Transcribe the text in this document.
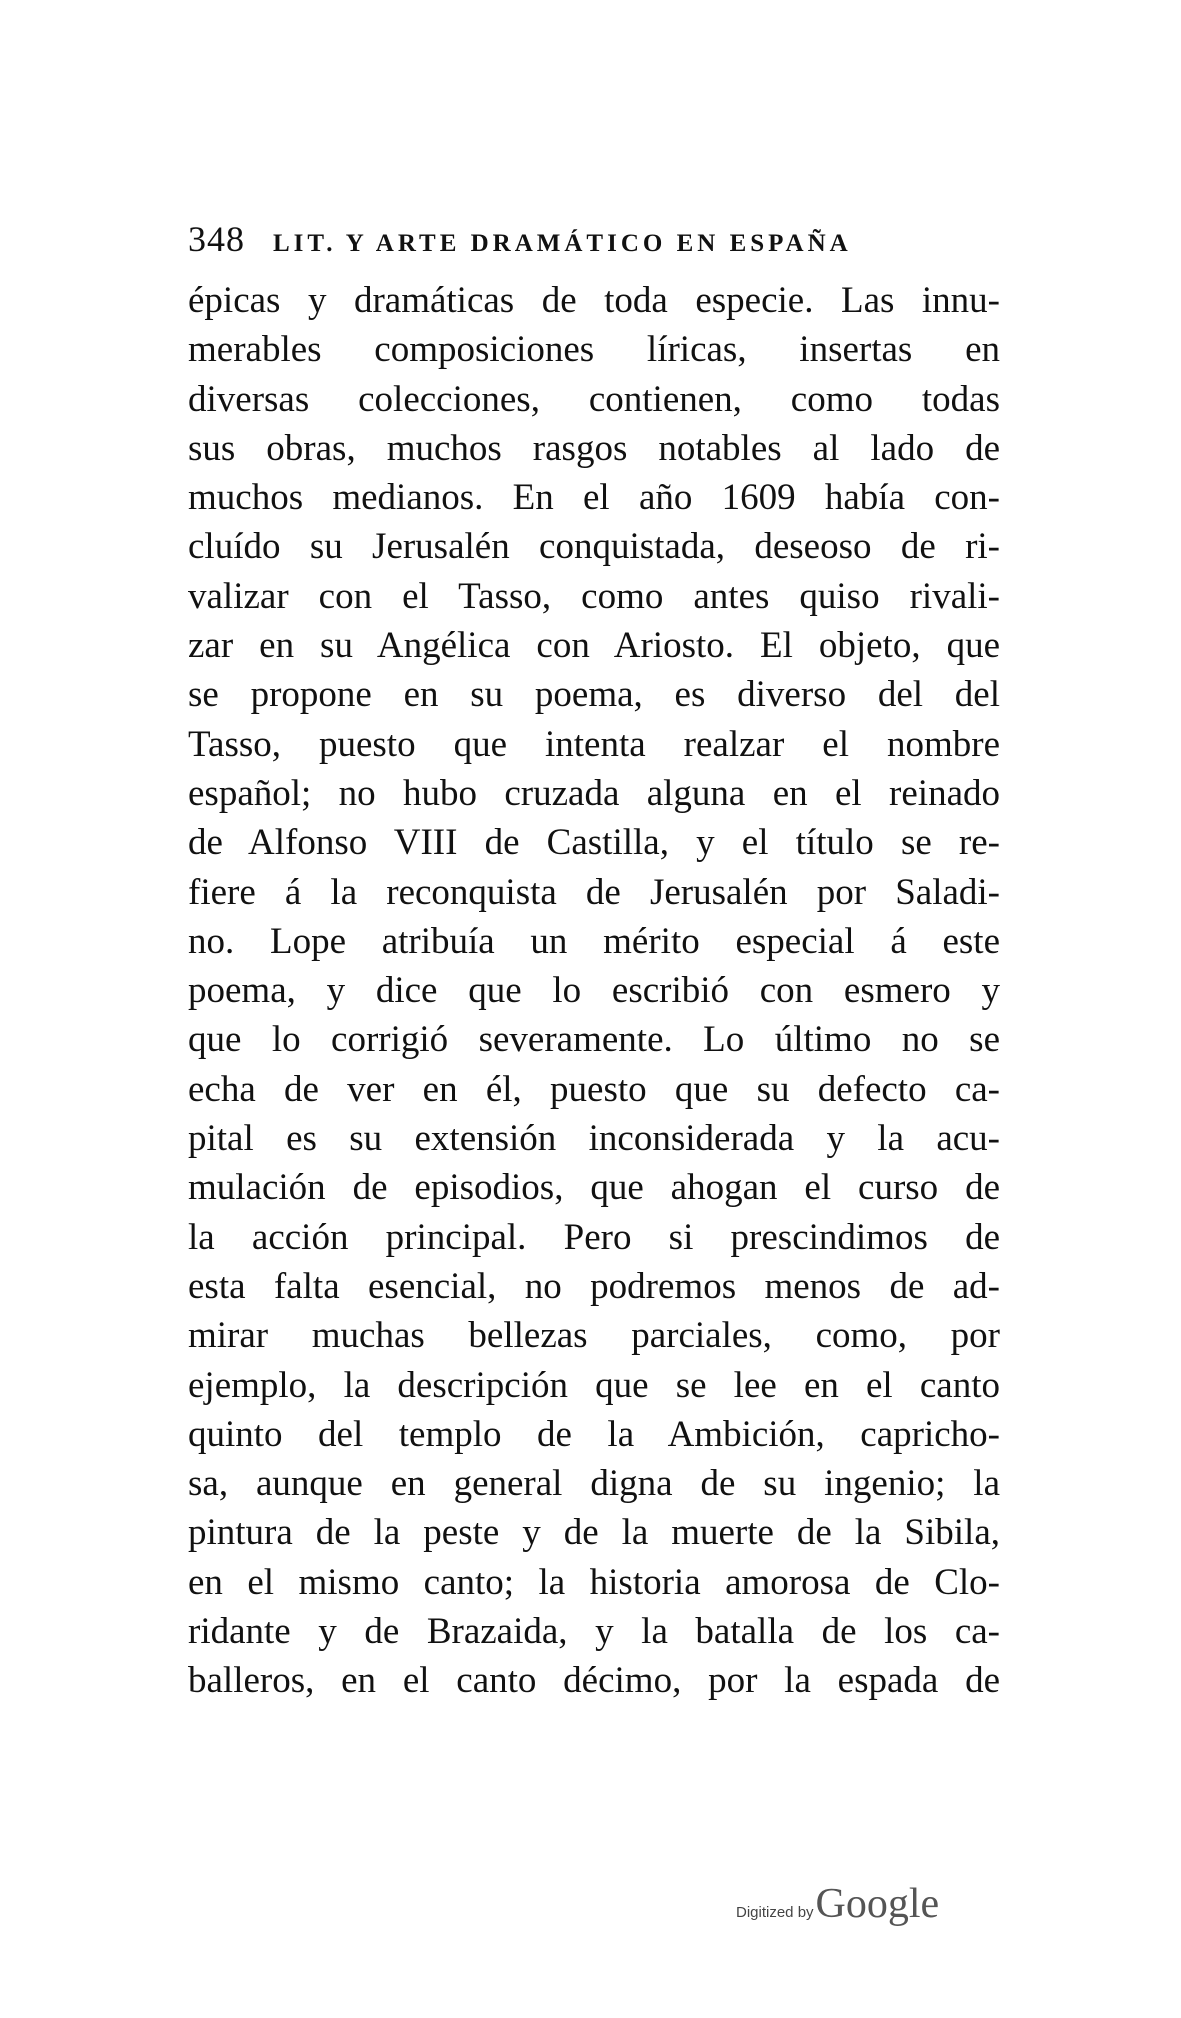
348 LIT. Y ARTE DRAMÁTICO EN ESPAÑA
épicas y dramáticas de toda especie. Las innu-
merables composiciones líricas, insertas en
diversas colecciones, contienen, como todas
sus obras, muchos rasgos notables al lado de
muchos medianos. En el año 1609 había con-
cluído su Jerusalén conquistada, deseoso de ri-
valizar con el Tasso, como antes quiso rivali-
zar en su Angélica con Ariosto. El objeto, que
se propone en su poema, es diverso del del
Tasso, puesto que intenta realzar el nombre
español; no hubo cruzada alguna en el reinado
de Alfonso VIII de Castilla, y el título se re-
fiere á la reconquista de Jerusalén por Saladi-
no. Lope atribuía un mérito especial á este
poema, y dice que lo escribió con esmero y
que lo corrigió severamente. Lo último no se
echa de ver en él, puesto que su defecto ca-
pital es su extensión inconsiderada y la acu-
mulación de episodios, que ahogan el curso de
la acción principal. Pero si prescindimos de
esta falta esencial, no podremos menos de ad-
mirar muchas bellezas parciales, como, por
ejemplo, la descripción que se lee en el canto
quinto del templo de la Ambición, capricho-
sa, aunque en general digna de su ingenio; la
pintura de la peste y de la muerte de la Sibila,
en el mismo canto; la historia amorosa de Clo-
ridante y de Brazaida, y la batalla de los ca-
balleros, en el canto décimo, por la espada de
Digitized by Google
